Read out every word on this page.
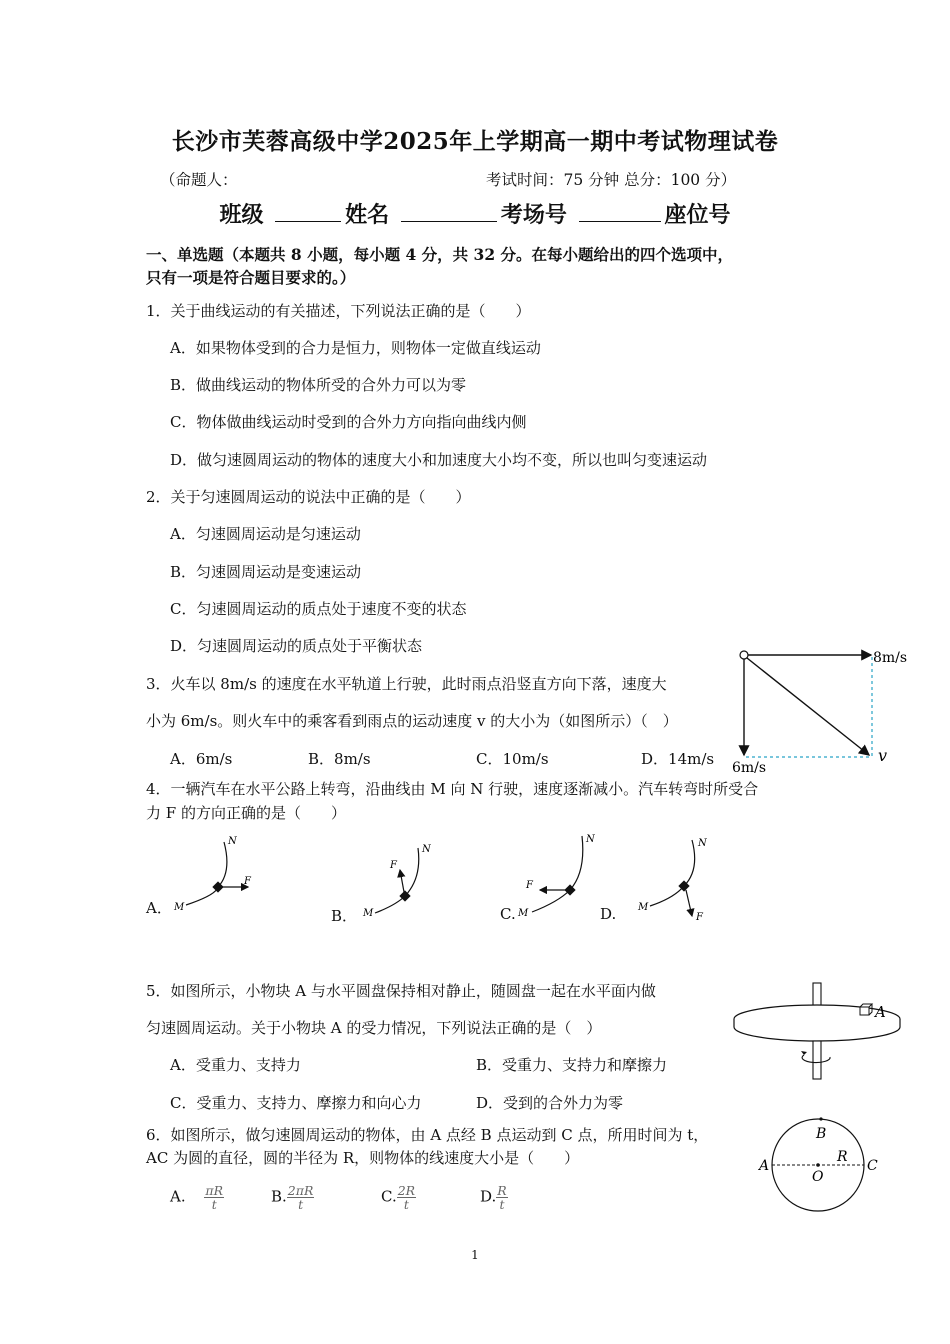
长沙市芙蓉高级中学2025年上学期高一期中考试物理试卷
（命题人：	考试时间：75 分钟 总分：100 分）
班级	姓名	考场号	座位号
一、单选题（本题共 8 小题，每小题 4 分，共 32 分。在每小题给出的四个选项中，
只有一项是符合题目要求的。）
1．关于曲线运动的有关描述，下列说法正确的是（　　）
A．如果物体受到的合力是恒力，则物体一定做直线运动
B．做曲线运动的物体所受的合外力可以为零
C．物体做曲线运动时受到的合外力方向指向曲线内侧
D．做匀速圆周运动的物体的速度大小和加速度大小均不变，所以也叫匀变速运动
2．关于匀速圆周运动的说法中正确的是（　　）
A．匀速圆周运动是匀速运动
B．匀速圆周运动是变速运动
C．匀速圆周运动的质点处于速度不变的状态
D．匀速圆周运动的质点处于平衡状态
3．火车以 8m/s 的速度在水平轨道上行驶，此时雨点沿竖直方向下落，速度大
小为 6m/s。则火车中的乘客看到雨点的运动速度 v 的大小为（如图所示）（　）
A．6m/s	B．8m/s	C．10m/s	D．14m/s
8m/s
6m/s
v
4．一辆汽车在水平公路上转弯，沿曲线由 M 向 N 行驶，速度逐渐减小。汽车转弯时所受合
力 F 的方向正确的是（　　）
A．	B．	C.	D.
M
N
F
M
N
F
M
N
F
M
N
F
5．如图所示，小物块 A 与水平圆盘保持相对静止，随圆盘一起在水平面内做
匀速圆周运动。关于小物块 A 的受力情况，下列说法正确的是（　）
A．受重力、支持力	B．受重力、支持力和摩擦力
C．受重力、支持力、摩擦力和向心力	D．受到的合外力为零
A
6．如图所示，做匀速圆周运动的物体，由 A 点经 B 点运动到 C 点，所用时间为 t，
AC 为圆的直径，圆的半径为 R，则物体的线速度大小是（　　）
A. $\frac{\pi R}{t}$	B. $\frac{2\pi R}{t}$	C. $\frac{2R}{t}$	D. $\frac{R}{t}$
B
A	C
O
R
1
